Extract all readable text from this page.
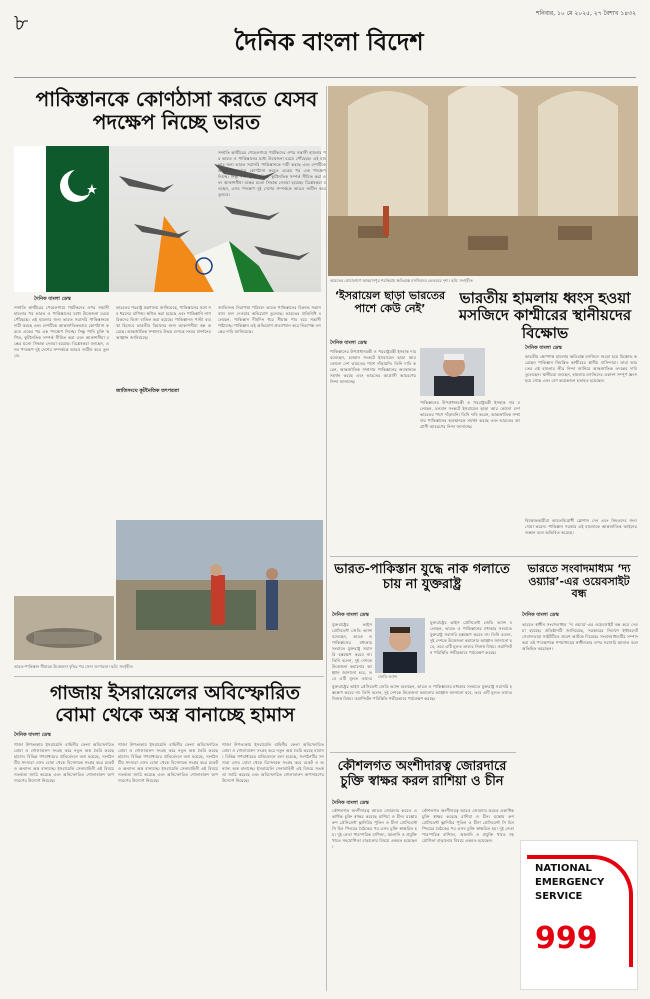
৮	শনিবার, ১০ মে ২০২৫, ২৭ বৈশাখ ১৪৩২
দৈনিক বাংলা বিদেশ
পাকিস্তানকে কোণঠাসা করতে যেসব পদক্ষেপ নিচ্ছে ভারত
দৈনিক বাংলা ডেস্ক
সম্প্রতি কাশ্মীরের পেহেলগামে পর্যটকদের ওপর সন্ত্রাসী হামলার পর ভারত ও পাকিস্তানের মধ্যে উত্তেজনা চরমে পৌঁছেছে। এই হামলার জন্য ভারত সরাসরি পাকিস্তানকে দায়ী করছে এবং দেশটিকে আন্তর্জাতিকভাবে কোণঠাসা করতে একের পর এক পদক্ষেপ নিচ্ছে। সিন্ধু পানি চুক্তি স্থগিত, কূটনৈতিক সম্পর্ক সীমিত করা এবং আকাশসীমা বন্ধের মতো সিদ্ধান্ত নেওয়া হয়েছে। বিশ্লেষকরা বলছেন, এসব পদক্ষেপ দুই দেশের সম্পর্ককে আরও জটিল করে তুলবে।
ভারতের পররাষ্ট্র মন্ত্রণালয় জানিয়েছে, পাকিস্তানের সঙ্গে সব ধরনের বাণিজ্য স্থগিত করা হয়েছে এবং পাকিস্তানি নাগরিকদের ভিসা বাতিল করা হয়েছে। পাকিস্তানও পাল্টা ব্যবস্থা হিসেবে ভারতীয় বিমানের জন্য আকাশসীমা বন্ধ করেছে। আন্তর্জাতিক সম্প্রদায় উভয় দেশকে সংযম প্রদর্শনের আহ্বান জানিয়েছে।
জাতিসংঘে কূটনৈতিক তৎপরতা
জাতিসংঘ নিরাপত্তা পরিষদে ভারত পাকিস্তানের বিরুদ্ধে সন্ত্রাসবাদে মদদ দেওয়ার অভিযোগ তুলেছে। ভারতের প্রতিনিধি বলেছেন, পাকিস্তান দীর্ঘদিন ধরে সীমান্ত পার হয়ে সন্ত্রাসী পাঠাচ্ছে। পাকিস্তান এই অভিযোগ প্রত্যাখ্যান করে নিরপেক্ষ তদন্তের দাবি জানিয়েছে।
সম্প্রতি কাশ্মীরের পেহেলগামে পর্যটকদের ওপর সন্ত্রাসী হামলার পর ভারত ও পাকিস্তানের মধ্যে উত্তেজনা চরমে পৌঁছেছে। এই হামলার জন্য ভারত সরাসরি পাকিস্তানকে দায়ী করছে এবং দেশটিকে আন্তর্জাতিকভাবে কোণঠাসা করতে একের পর এক পদক্ষেপ নিচ্ছে। সিন্ধু পানি চুক্তি স্থগিত, কূটনৈতিক সম্পর্ক সীমিত করা এবং আকাশসীমা বন্ধের মতো সিদ্ধান্ত নেওয়া হয়েছে। বিশ্লেষকরা বলছেন, এসব পদক্ষেপ দুই দেশের সম্পর্ককে আরও জটিল করে তুলবে।
ভারত-পাকিস্তান সীমান্তে উত্তেজনা বৃদ্ধির পর সেনা তৎপরতা। ছবি: সংগৃহীত
ভারতের বোমাবর্ষণে আহমাদপুর শরকিয়ায় ক্ষতিগ্রস্ত মসজিদের ভেতরের দৃশ্য। ছবি: সংগৃহীত
‘ইসরায়েল ছাড়া ভারতের পাশে কেউ নেই’
ভারতীয় হামলায় ধ্বংস হওয়া মসজিদে কাশ্মীরের স্থানীয়দের বিক্ষোভ
দৈনিক বাংলা ডেস্ক
পাকিস্তানের উপপ্রধানমন্ত্রী ও পররাষ্ট্রমন্ত্রী ইসহাক দার বলেছেন, চলমান সংকটে ইসরায়েল ছাড়া আর কোনো দেশ ভারতের পাশে দাঁড়ায়নি। তিনি দাবি করেন, আন্তর্জাতিক সম্প্রদায় পাকিস্তানের অবস্থানকে সমর্থন করছে এবং ভারতের আগ্রাসী আচরণের নিন্দা জানাচ্ছে।
পাকিস্তানের উপপ্রধানমন্ত্রী ও পররাষ্ট্রমন্ত্রী ইসহাক দার বলেছেন, চলমান সংকটে ইসরায়েল ছাড়া আর কোনো দেশ ভারতের পাশে দাঁড়ায়নি। তিনি দাবি করেন, আন্তর্জাতিক সম্প্রদায় পাকিস্তানের অবস্থানকে সমর্থন করছে এবং ভারতের আগ্রাসী আচরণের নিন্দা জানাচ্ছে।
দৈনিক বাংলা ডেস্ক
ভারতীয় ক্ষেপণাস্ত্র হামলায় ক্ষতিগ্রস্ত মসজিদে জড়ো হয়ে বিক্ষোভ করেছেন পাকিস্তান নিয়ন্ত্রিত কাশ্মীরের স্থানীয় বাসিন্দারা। তারা ভারতের এই হামলার তীব্র নিন্দা জানিয়ে আন্তর্জাতিক তদন্তের দাবি তুলেছেন। স্থানীয়রা বলছেন, হামলায় মসজিদের একাংশ সম্পূর্ণ ধ্বংস হয়ে গেছে এবং বেশ কয়েকজন হতাহত হয়েছেন।
বিক্ষোভকারীরা ভারতবিরোধী স্লোগান দেন এবং নিহতদের জন্য দোয়া করেন। পাকিস্তান সরকার এই হামলাকে আন্তর্জাতিক আইনের লঙ্ঘন বলে অভিহিত করেছে।
ভারত-পাকিস্তান যুদ্ধে নাক গলাতে চায় না যুক্তরাষ্ট্র
দৈনিক বাংলা ডেস্ক
জেডি ভ্যান্স
যুক্তরাষ্ট্রের ভাইস প্রেসিডেন্ট জেডি ভ্যান্স বলেছেন, ভারত ও পাকিস্তানের মধ্যকার সংঘাতে যুক্তরাষ্ট্র সরাসরি হস্তক্ষেপ করবে না। তিনি বলেন, দুই দেশকে উত্তেজনা কমানোর আহ্বান জানানো হবে, তবে এটি মূলত তাদের
যুক্তরাষ্ট্রের ভাইস প্রেসিডেন্ট জেডি ভ্যান্স বলেছেন, ভারত ও পাকিস্তানের মধ্যকার সংঘাতে যুক্তরাষ্ট্র সরাসরি হস্তক্ষেপ করবে না। তিনি বলেন, দুই দেশকে উত্তেজনা কমানোর আহ্বান জানানো হবে, তবে এটি মূলত তাদের নিজস্ব বিষয়। ওয়াশিংটন পরিস্থিতি গভীরভাবে পর্যবেক্ষণ করছে।
যুক্তরাষ্ট্রের ভাইস প্রেসিডেন্ট জেডি ভ্যান্স বলেছেন, ভারত ও পাকিস্তানের মধ্যকার সংঘাতে যুক্তরাষ্ট্র সরাসরি হস্তক্ষেপ করবে না। তিনি বলেন, দুই দেশকে উত্তেজনা কমানোর আহ্বান জানানো হবে, তবে এটি মূলত তাদের নিজস্ব বিষয়। ওয়াশিংটন পরিস্থিতি গভীরভাবে পর্যবেক্ষণ করছে।
ভারতে সংবাদমাধ্যম ‘দ্য ওয়্যার’-এর ওয়েবসাইট বন্ধ
দৈনিক বাংলা ডেস্ক
ভারতে স্বাধীন সংবাদমাধ্যম ‘দ্য ওয়্যার’-এর ওয়েবসাইট বন্ধ করে দেওয়া হয়েছে। প্রতিষ্ঠানটি জানিয়েছে, সরকারের নির্দেশে ইন্টারনেট সেবাদাতারা সাইটটিতে প্রবেশ আটকে দিয়েছে। সংবাদমাধ্যমটির সম্পাদকরা এই পদক্ষেপকে গণমাধ্যমের স্বাধীনতার ওপর সরাসরি আঘাত বলে অভিহিত করেছেন।
কৌশলগত অংশীদারত্ব জোরদারে চুক্তি স্বাক্ষর করল রাশিয়া ও চীন
দৈনিক বাংলা ডেস্ক
কৌশলগত অংশীদারত্ব আরও জোরদার করতে একাধিক চুক্তি স্বাক্ষর করেছে রাশিয়া ও চীন। মস্কোয় রুশ প্রেসিডেন্ট ভ্লাদিমির পুতিন ও চীনা প্রেসিডেন্ট সি চিন পিংয়ের বৈঠকের পর এসব চুক্তি স্বাক্ষরিত হয়। দুই নেতা পারস্পরিক বাণিজ্য, জ্বালানি ও প্রযুক্তি খাতে সহযোগিতা বাড়ানোর বিষয়ে একমত হয়েছেন।
কৌশলগত অংশীদারত্ব আরও জোরদার করতে একাধিক চুক্তি স্বাক্ষর করেছে রাশিয়া ও চীন। মস্কোয় রুশ প্রেসিডেন্ট ভ্লাদিমির পুতিন ও চীনা প্রেসিডেন্ট সি চিন পিংয়ের বৈঠকের পর এসব চুক্তি স্বাক্ষরিত হয়। দুই নেতা পারস্পরিক বাণিজ্য, জ্বালানি ও প্রযুক্তি খাতে সহযোগিতা বাড়ানোর বিষয়ে একমত হয়েছেন।
NATIONAL
EMERGENCY
SERVICE
999
গাজায় ইসরায়েলের অবিস্ফোরিত বোমা থেকে অস্ত্র বানাচ্ছে হামাস
দৈনিক বাংলা ডেস্ক
গাজা উপত্যকায় ইসরায়েলি বাহিনীর ফেলা অবিস্ফোরিত বোমা ও গোলাবারুদ সংগ্রহ করে নতুন অস্ত্র তৈরি করছে হামাস। বিভিন্ন গণমাধ্যমের প্রতিবেদনে বলা হয়েছে, সংগঠনটির সদস্যরা এসব বোমা থেকে বিস্ফোরক সংগ্রহ করে রকেট ও অন্যান্য অস্ত্র বানাচ্ছে। ইসরায়েলি সেনাবাহিনী এই বিষয়ে সতর্কতা জারি করেছে এবং অবিস্ফোরিত গোলাবারুদ অপসারণের উদ্যোগ নিয়েছে।
গাজা উপত্যকায় ইসরায়েলি বাহিনীর ফেলা অবিস্ফোরিত বোমা ও গোলাবারুদ সংগ্রহ করে নতুন অস্ত্র তৈরি করছে হামাস। বিভিন্ন গণমাধ্যমের প্রতিবেদনে বলা হয়েছে, সংগঠনটির সদস্যরা এসব বোমা থেকে বিস্ফোরক সংগ্রহ করে রকেট ও অন্যান্য অস্ত্র বানাচ্ছে। ইসরায়েলি সেনাবাহিনী এই বিষয়ে সতর্কতা জারি করেছে এবং অবিস্ফোরিত গোলাবারুদ অপসারণের উদ্যোগ নিয়েছে।
গাজা উপত্যকায় ইসরায়েলি বাহিনীর ফেলা অবিস্ফোরিত বোমা ও গোলাবারুদ সংগ্রহ করে নতুন অস্ত্র তৈরি করছে হামাস। বিভিন্ন গণমাধ্যমের প্রতিবেদনে বলা হয়েছে, সংগঠনটির সদস্যরা এসব বোমা থেকে বিস্ফোরক সংগ্রহ করে রকেট ও অন্যান্য অস্ত্র বানাচ্ছে। ইসরায়েলি সেনাবাহিনী এই বিষয়ে সতর্কতা জারি করেছে এবং অবিস্ফোরিত গোলাবারুদ অপসারণের উদ্যোগ নিয়েছে।
